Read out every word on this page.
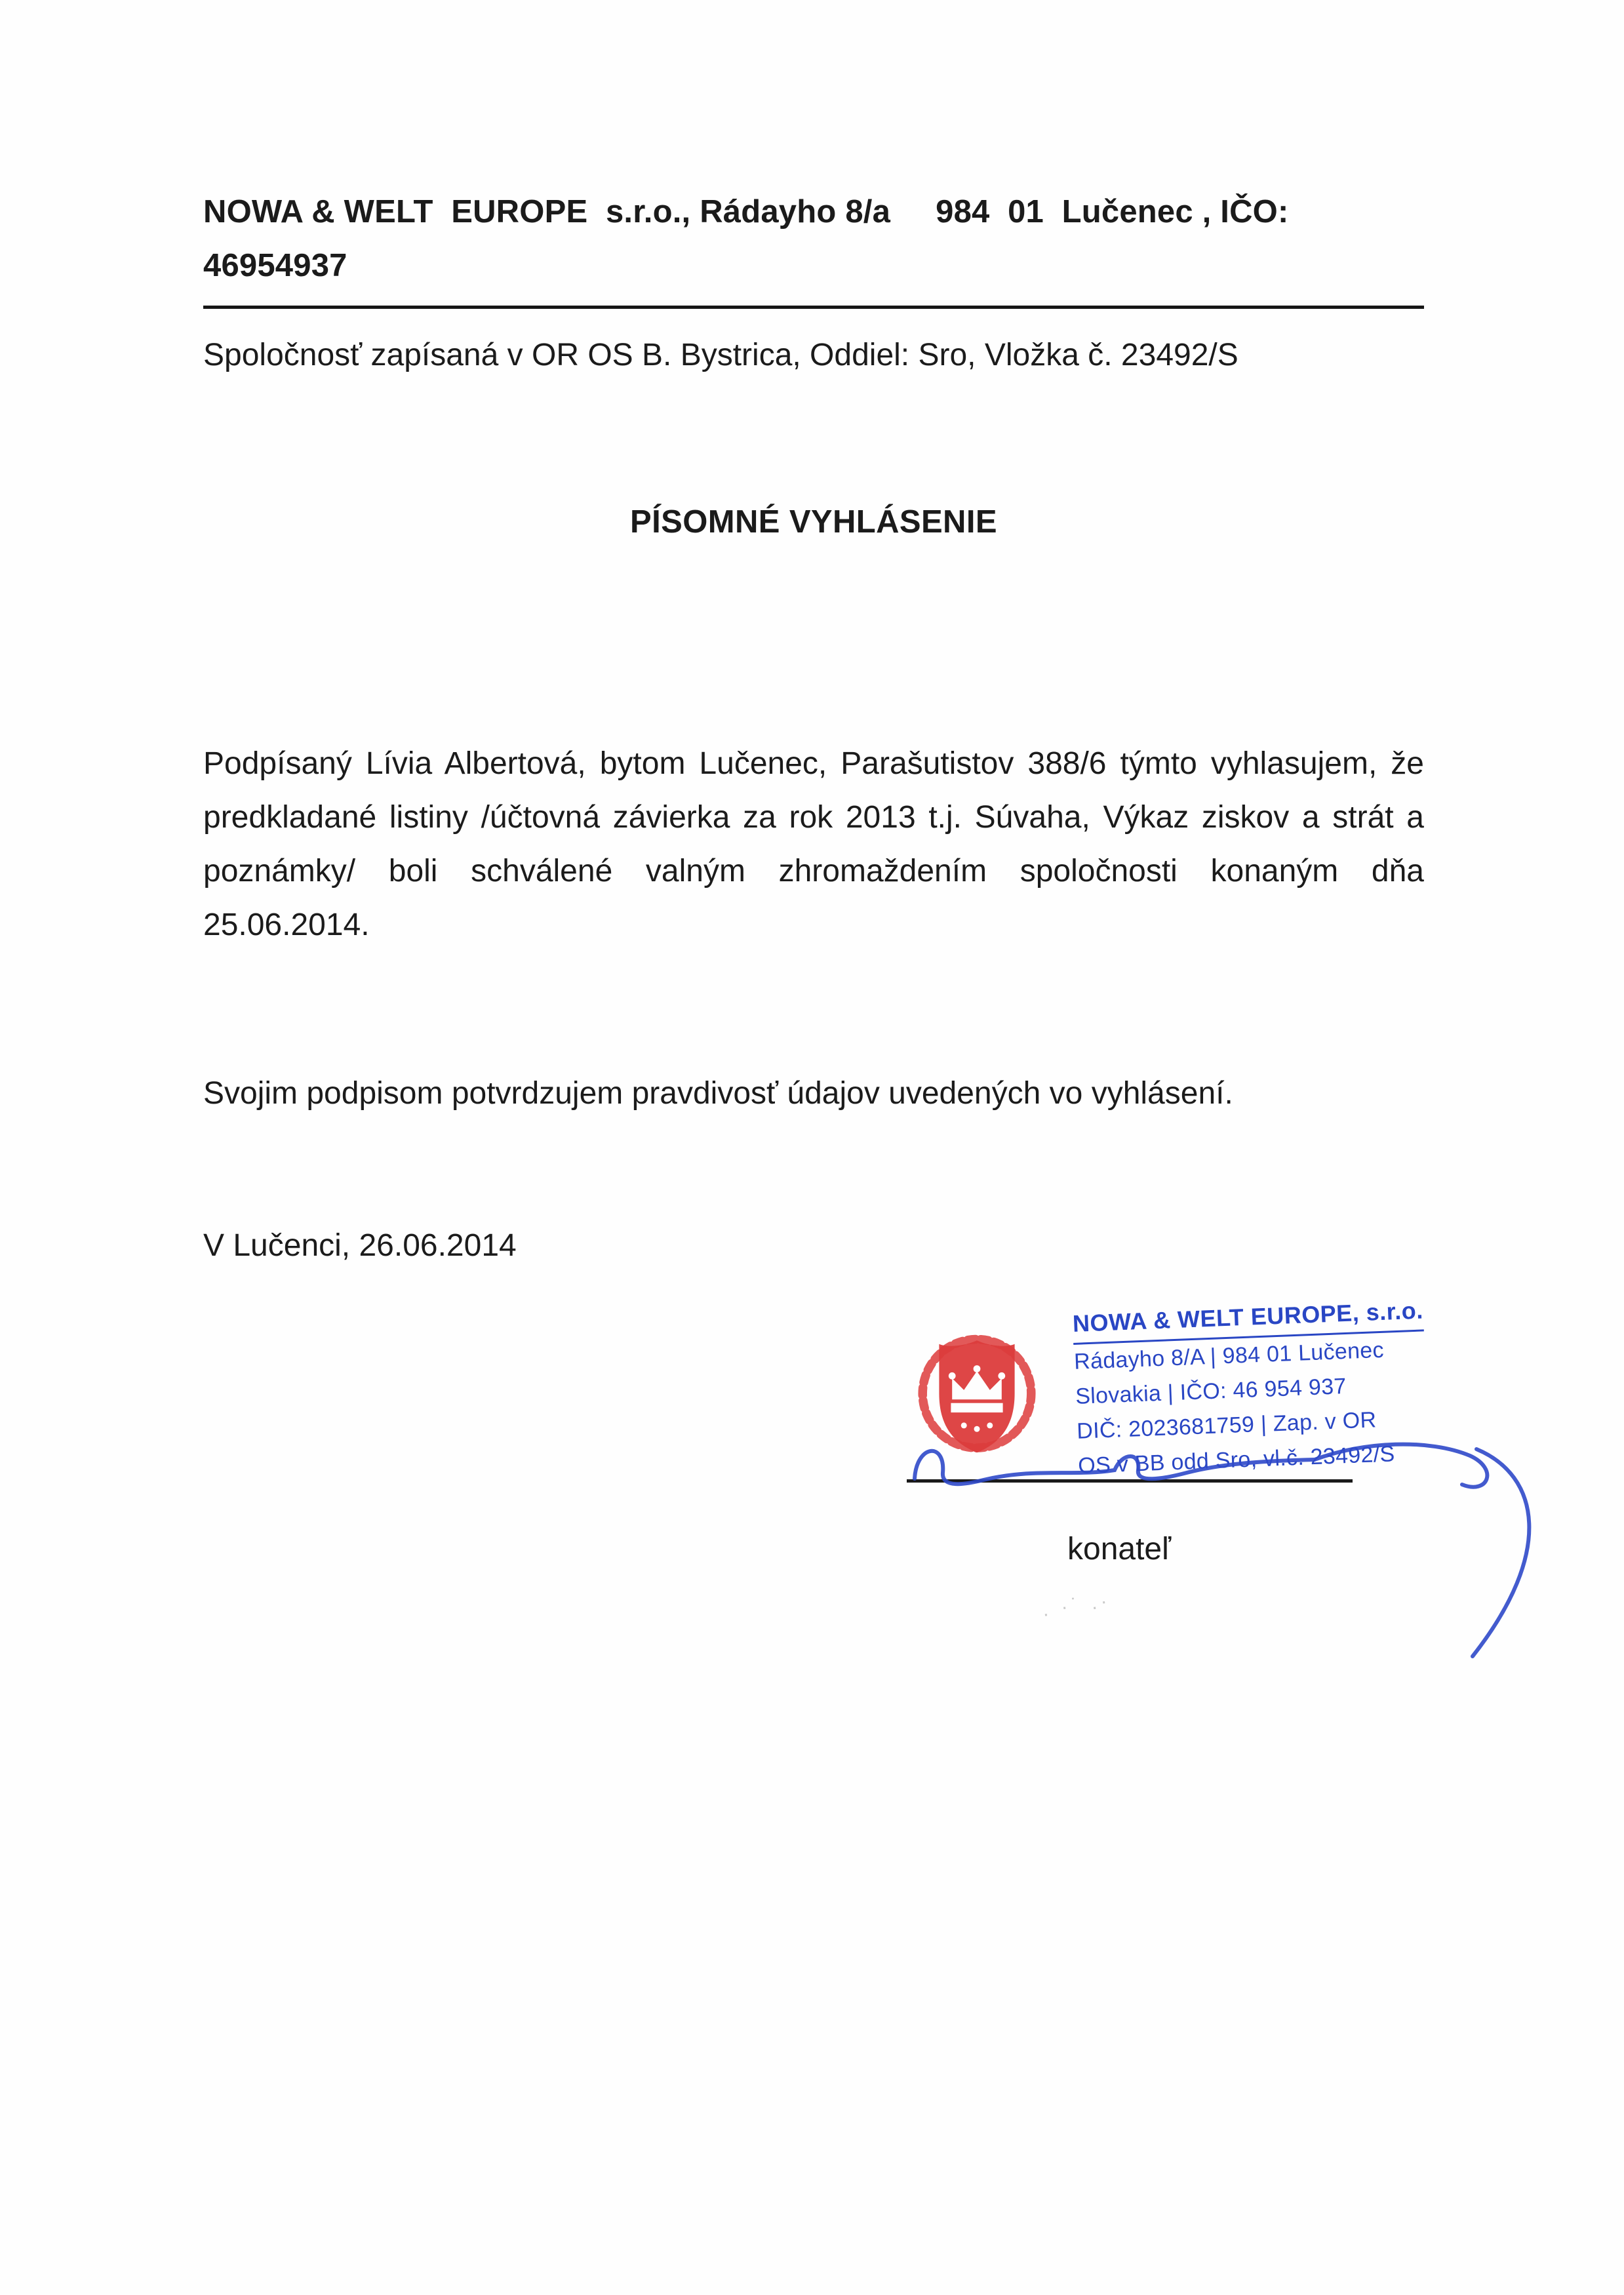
NOWA & WELT  EUROPE  s.r.o., Rádayho 8/a     984  01  Lučenec , IČO:
46954937
Spoločnosť zapísaná v OR OS B. Bystrica, Oddiel: Sro, Vložka č. 23492/S
PÍSOMNÉ VYHLÁSENIE
Podpísaný Lívia Albertová, bytom Lučenec, Parašutistov 388/6 týmto vyhlasujem, že predkladané listiny /účtovná závierka za rok 2013 t.j. Súvaha, Výkaz ziskov a strát a poznámky/ boli schválené valným zhromaždením spoločnosti konaným dňa 25.06.2014.
Svojim podpisom potvrdzujem pravdivosť údajov uvedených vo vyhlásení.
V Lučenci, 26.06.2014
NOWA & WELT EUROPE, s.r.o.
Rádayho 8/A | 984 01 Lučenec
Slovakia | IČO: 46 954 937
DIČ: 2023681759 | Zap. v OR
OS v BB odd Sro, vl.č. 23492/S
konateľ
. ·˙ .·
